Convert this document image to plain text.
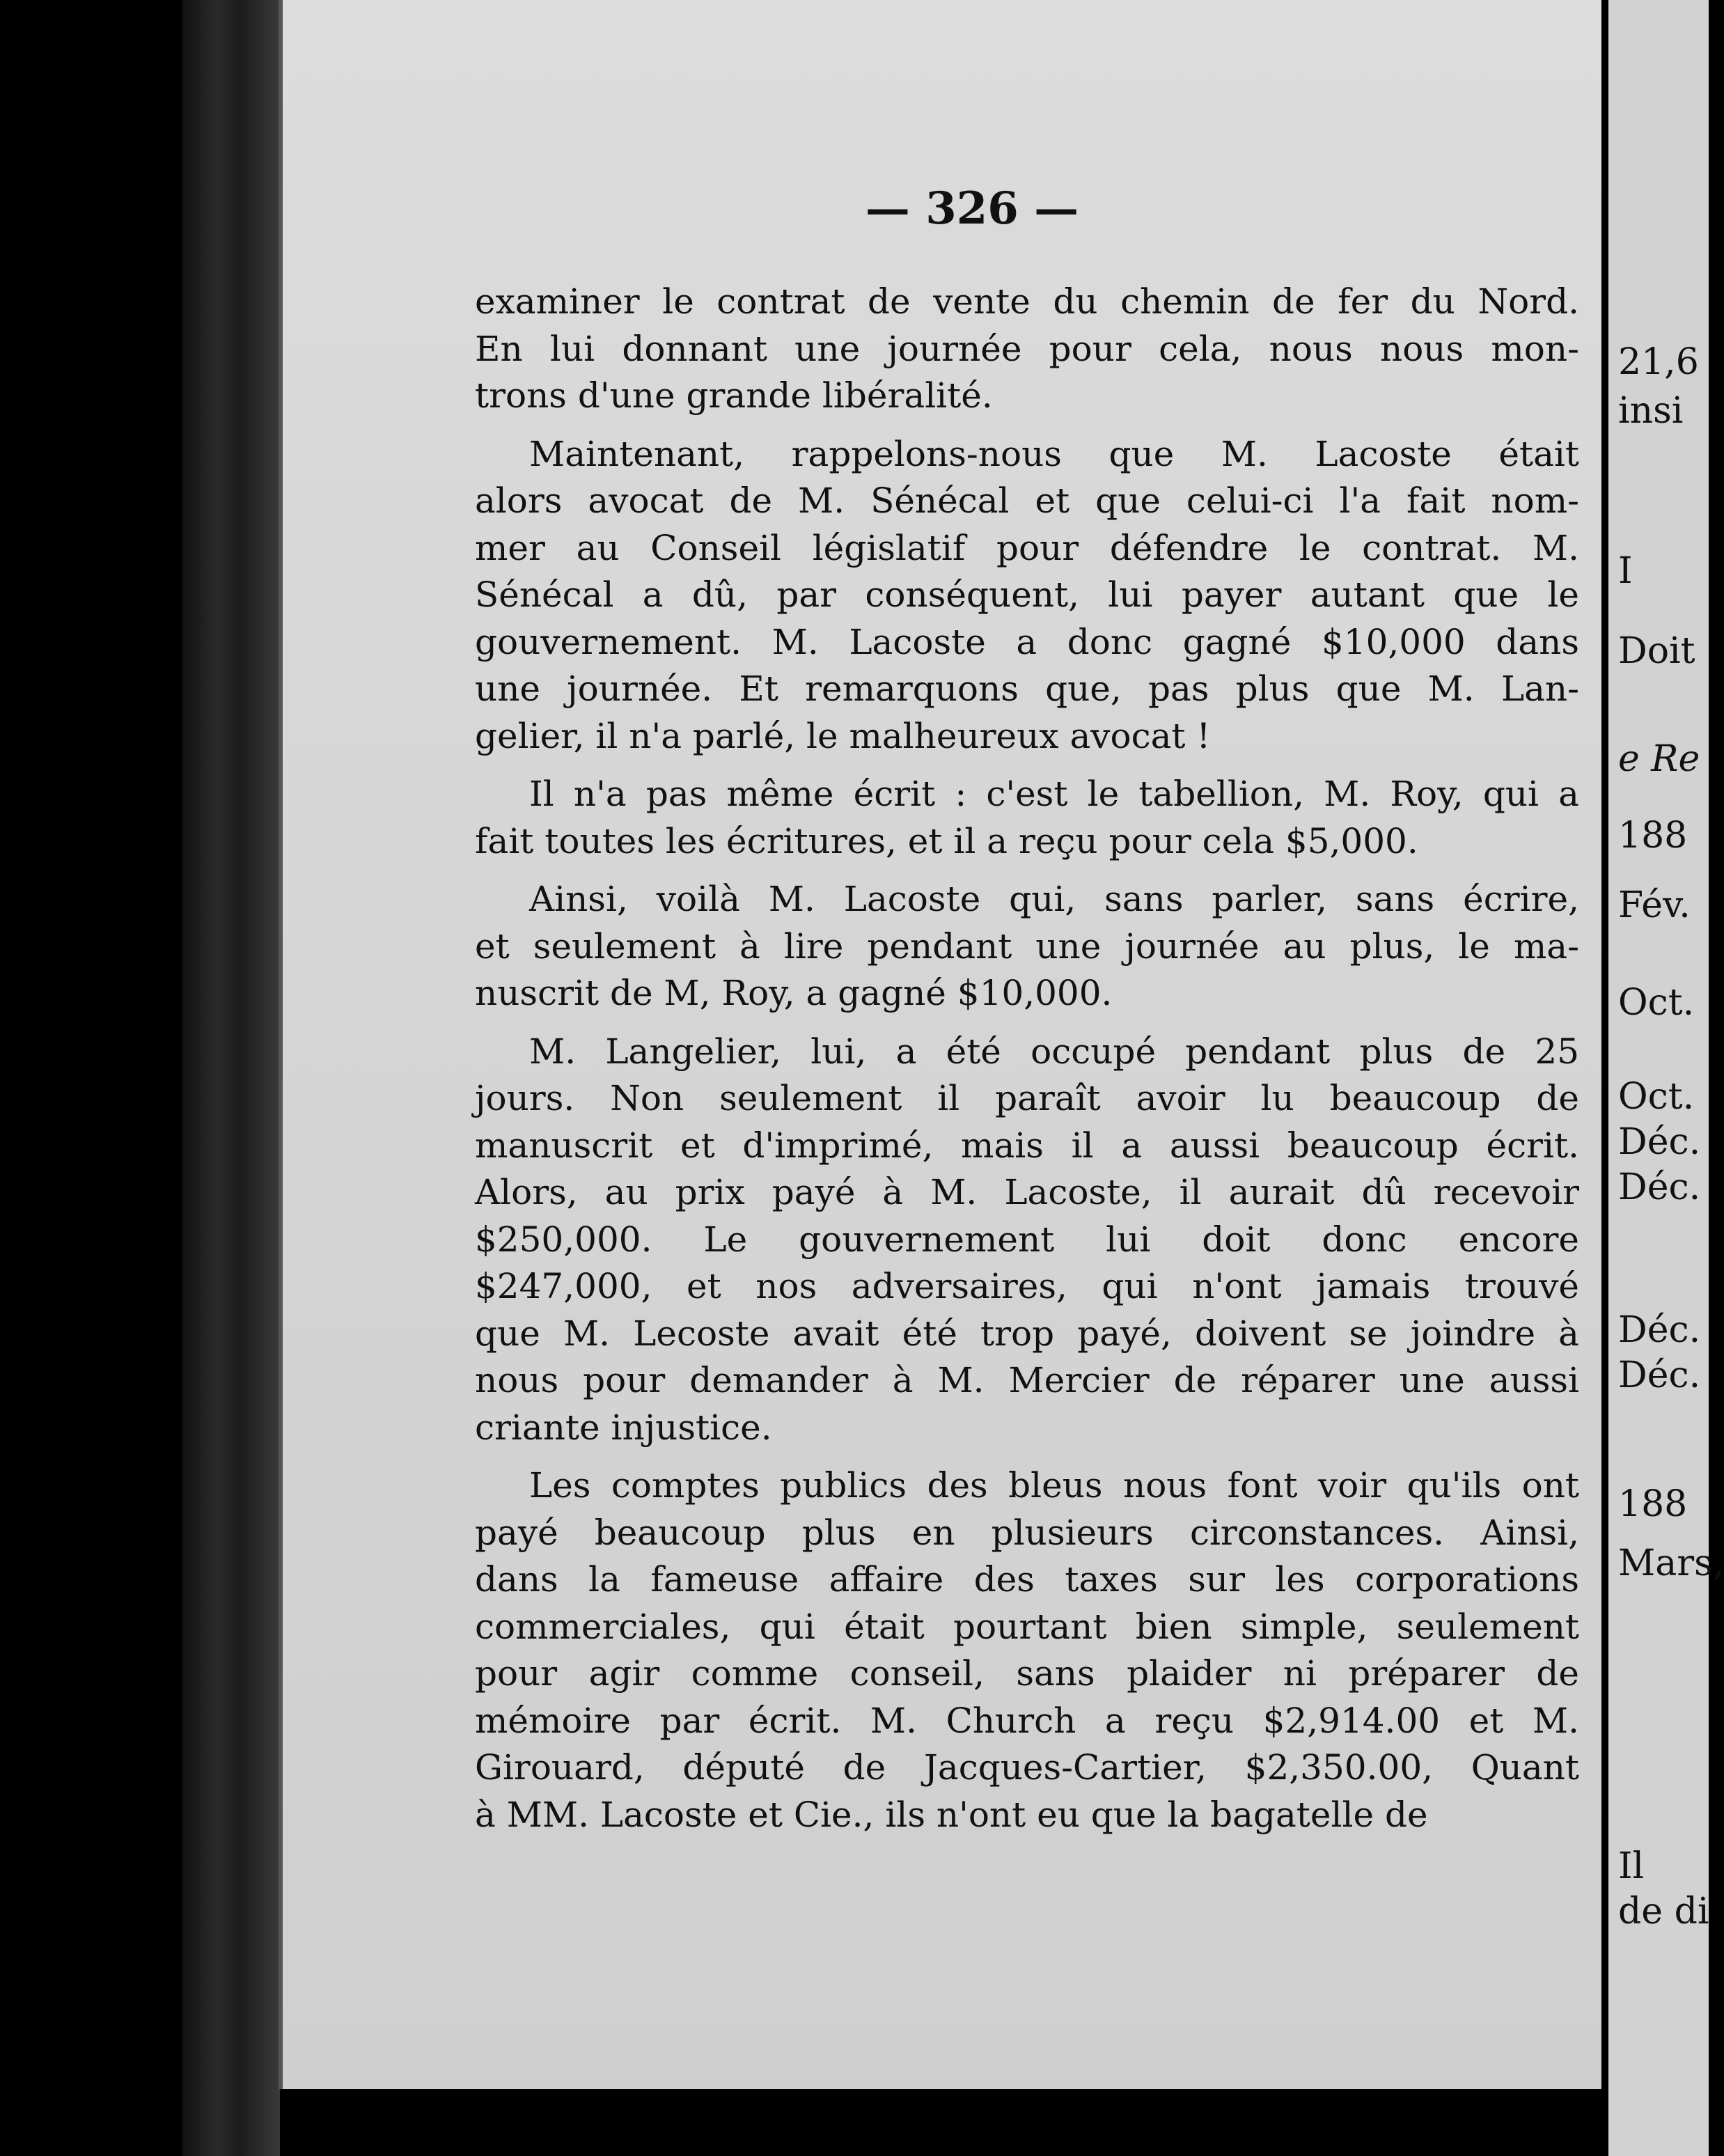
— 326 —
examiner le contrat de vente du chemin de fer du Nord.
En lui donnant une journée pour cela, nous nous mon-
trons d'une grande libéralité.
Maintenant, rappelons-nous que M. Lacoste était
alors avocat de M. Sénécal et que celui-ci l'a fait nom-
mer au Conseil législatif pour défendre le contrat. M.
Sénécal a dû, par conséquent, lui payer autant que le
gouvernement. M. Lacoste a donc gagné $10,000 dans
une journée. Et remarquons que, pas plus que M. Lan-
gelier, il n'a parlé, le malheureux avocat !
Il n'a pas même écrit : c'est le tabellion, M. Roy, qui a
fait toutes les écritures, et il a reçu pour cela $5,000.
Ainsi, voilà M. Lacoste qui, sans parler, sans écrire,
et seulement à lire pendant une journée au plus, le ma-
nuscrit de M, Roy, a gagné $10,000.
M. Langelier, lui, a été occupé pendant plus de 25
jours. Non seulement il paraît avoir lu beaucoup de
manuscrit et d'imprimé, mais il a aussi beaucoup écrit.
Alors, au prix payé à M. Lacoste, il aurait dû recevoir
$250,000. Le gouvernement lui doit donc encore
$247,000, et nos adversaires, qui n'ont jamais trouvé
que M. Lecoste avait été trop payé, doivent se joindre à
nous pour demander à M. Mercier de réparer une aussi
criante injustice.
Les comptes publics des bleus nous font voir qu'ils ont
payé beaucoup plus en plusieurs circonstances. Ainsi,
dans la fameuse affaire des taxes sur les corporations
commerciales, qui était pourtant bien simple, seulement
pour agir comme conseil, sans plaider ni préparer de
mémoire par écrit. M. Church a reçu $2,914.00 et M.
Girouard, député de Jacques-Cartier, $2,350.00, Quant
à MM. Lacoste et Cie., ils n'ont eu que la bagatelle de
21,6
insi
I
Doit
e Re
188
Fév.
Oct.
Oct.
Déc.
Déc.
Déc.
Déc.
188
Mars,
Il
de di
